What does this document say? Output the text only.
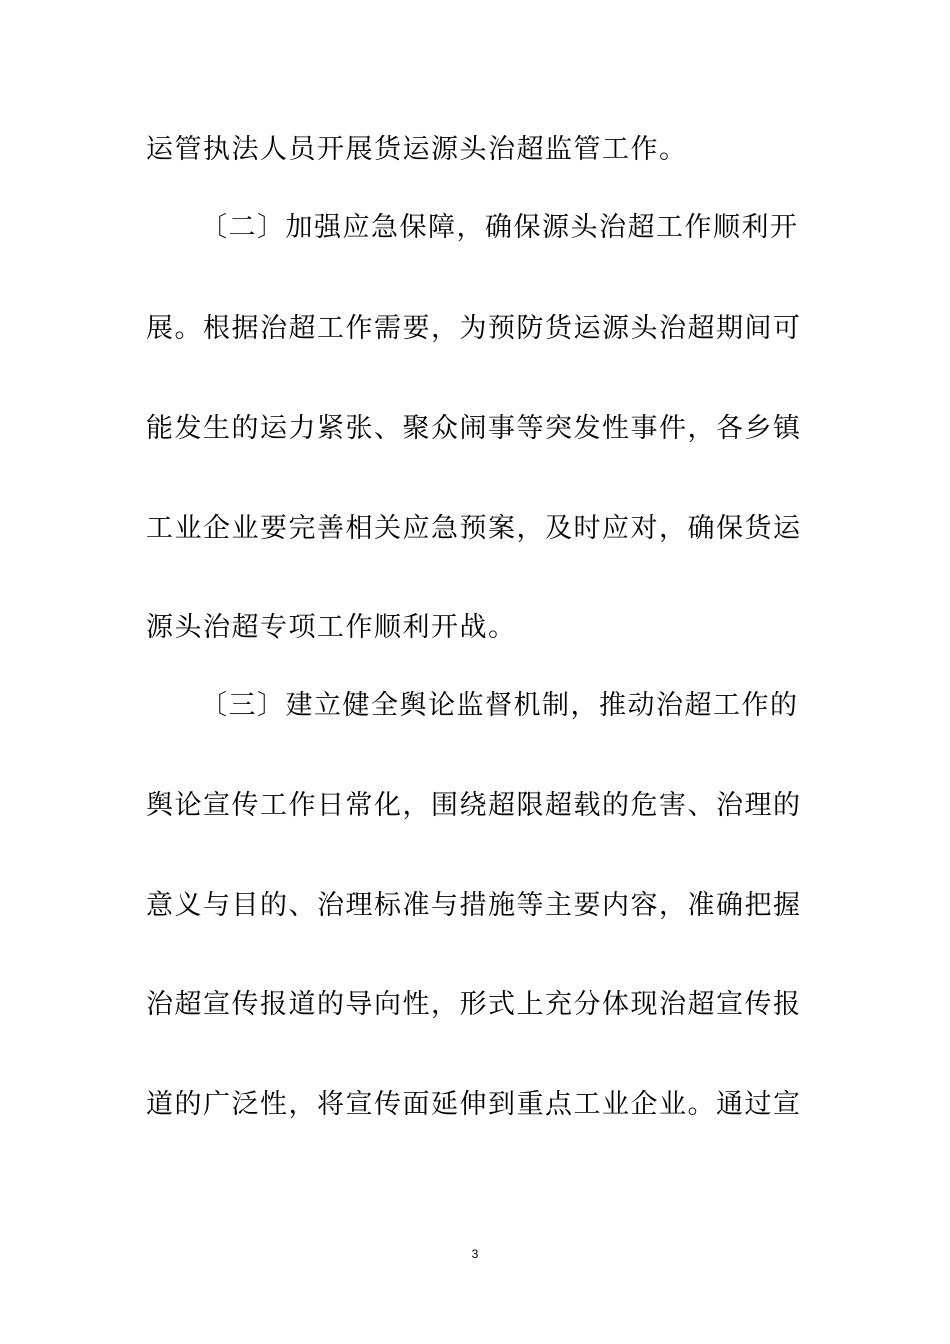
运管执法人员开展货运源头治超监管工作。
〔二〕加强应急保障，确保源头治超工作顺利开
展。根据治超工作需要，为预防货运源头治超期间可
能发生的运力紧张、聚众闹事等突发性事件，各乡镇
工业企业要完善相关应急预案，及时应对，确保货运
源头治超专项工作顺利开战。
〔三〕建立健全舆论监督机制，推动治超工作的
舆论宣传工作日常化，围绕超限超载的危害、治理的
意义与目的、治理标准与措施等主要内容，准确把握
治超宣传报道的导向性，形式上充分体现治超宣传报
道的广泛性，将宣传面延伸到重点工业企业。通过宣
3
